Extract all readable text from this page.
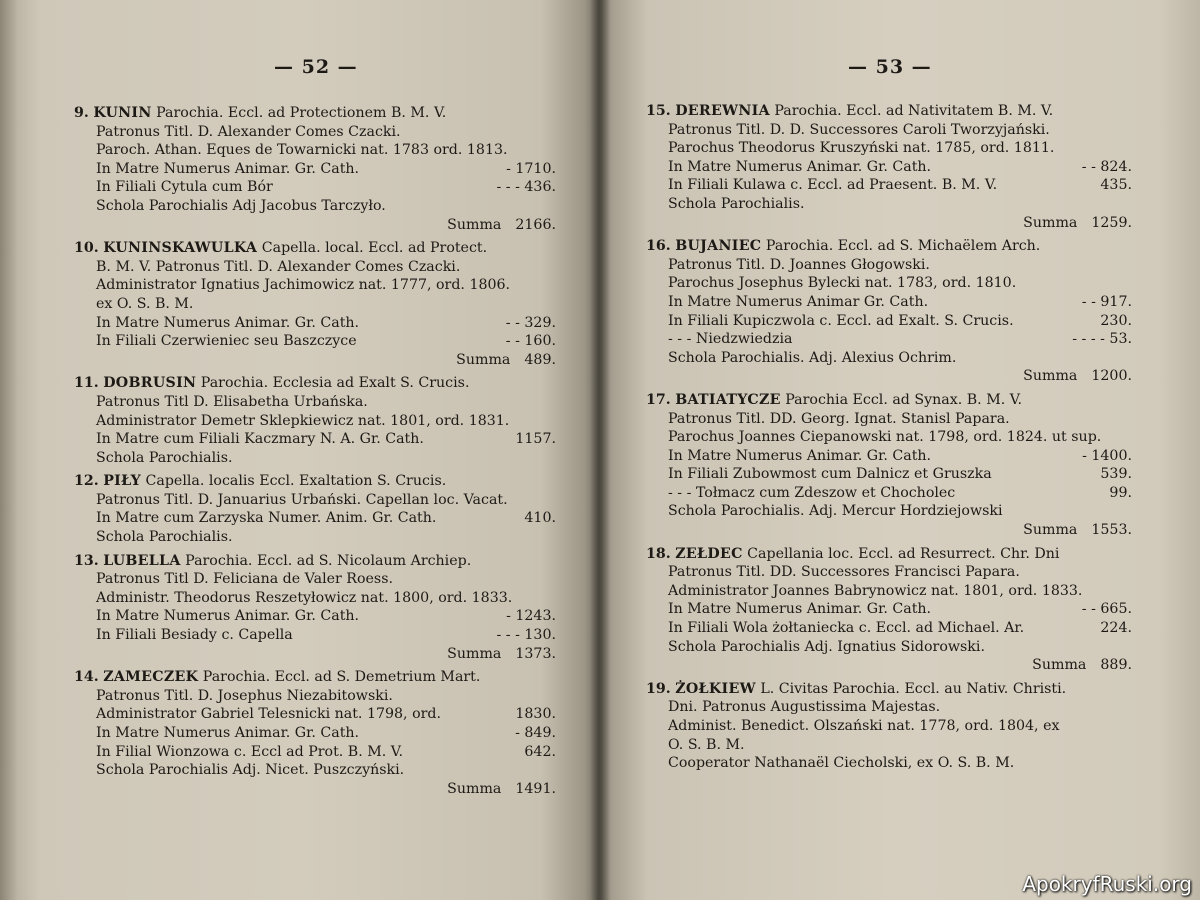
— 52 —
9. KUNIN Parochia. Eccl. ad Protectionem B. M. V.
Patronus Titl. D. Alexander Comes Czacki.
Paroch. Athan. Eques de Towarnicki nat. 1783 ord. 1813.
In Matre Numerus Animar. Gr. Cath.	- 1710.
In Filiali Cytula cum Bór	- - - 436.
Schola Parochialis Adj Jacobus Tarczyło.
Summa 2166.
10. KUNINSKAWULKA Capella. local. Eccl. ad Protect.
B. M. V. Patronus Titl. D. Alexander Comes Czacki.
Administrator Ignatius Jachimowicz nat. 1777, ord. 1806.
ex O. S. B. M.
In Matre Numerus Animar. Gr. Cath.	- - 329.
In Filiali Czerwieniec seu Baszczyce	- - 160.
Summa 489.
11. DOBRUSIN Parochia. Ecclesia ad Exalt S. Crucis.
Patronus Titl D. Elisabetha Urbańska.
Administrator Demetr Sklepkiewicz nat. 1801, ord. 1831.
In Matre cum Filiali Kaczmary N. A. Gr. Cath.	1157.
Schola Parochialis.
12. PIŁY Capella. localis Eccl. Exaltation S. Crucis.
Patronus Titl. D. Januarius Urbański. Capellan loc. Vacat.
In Matre cum Zarzyska Numer. Anim. Gr. Cath.	410.
Schola Parochialis.
13. LUBELLA Parochia. Eccl. ad S. Nicolaum Archiep.
Patronus Titl D. Feliciana de Valer Roess.
Administr. Theodorus Reszetyłowicz nat. 1800, ord. 1833.
In Matre Numerus Animar. Gr. Cath.	- 1243.
In Filiali Besiady c. Capella	- - - 130.
Summa 1373.
14. ZAMECZEK Parochia. Eccl. ad S. Demetrium Mart.
Patronus Titl. D. Josephus Niezabitowski.
Administrator Gabriel Telesnicki nat. 1798, ord.	1830.
In Matre Numerus Animar. Gr. Cath.	- 849.
In Filial Wionzowa c. Eccl ad Prot. B. M. V.	642.
Schola Parochialis Adj. Nicet. Puszczyński.
Summa 1491.
— 53 —
15. DEREWNIA Parochia. Eccl. ad Nativitatem B. M. V.
Patronus Titl. D. D. Successores Caroli Tworzyjański.
Parochus Theodorus Kruszyński nat. 1785, ord. 1811.
In Matre Numerus Animar. Gr. Cath.	- - 824.
In Filiali Kulawa c. Eccl. ad Praesent. B. M. V.	435.
Schola Parochialis.
Summa 1259.
16. BUJANIEC Parochia. Eccl. ad S. Michaëlem Arch.
Patronus Titl. D. Joannes Głogowski.
Parochus Josephus Bylecki nat. 1783, ord. 1810.
In Matre Numerus Animar Gr. Cath.	- - 917.
In Filiali Kupiczwola c. Eccl. ad Exalt. S. Crucis.	230.
- - - Niedzwiedzia	- - - - 53.
Schola Parochialis. Adj. Alexius Ochrim.
Summa 1200.
17. BATIATYCZE Parochia Eccl. ad Synax. B. M. V.
Patronus Titl. DD. Georg. Ignat. Stanisl Papara.
Parochus Joannes Ciepanowski nat. 1798, ord. 1824. ut sup.
In Matre Numerus Animar. Gr. Cath.	- 1400.
In Filiali Zubowmost cum Dalnicz et Gruszka	539.
- - - Tołmacz cum Zdeszow et Chocholec	99.
Schola Parochialis. Adj. Mercur Hordziejowski
Summa 1553.
18. ZEŁDEC Capellania loc. Eccl. ad Resurrect. Chr. Dni
Patronus Titl. DD. Successores Francisci Papara.
Administrator Joannes Babrynowicz nat. 1801, ord. 1833.
In Matre Numerus Animar. Gr. Cath.	- - 665.
In Filiali Wola żołtaniecka c. Eccl. ad Michael. Ar.	224.
Schola Parochialis Adj. Ignatius Sidorowski.
Summa 889.
19. ŻOŁKIEW L. Civitas Parochia. Eccl. au Nativ. Christi.
Dni. Patronus Augustissima Majestas.
Administ. Benedict. Olszański nat. 1778, ord. 1804, ex
O. S. B. M.
Cooperator Nathanaël Ciecholski, ex O. S. B. M.
ApokryfRuski.org
